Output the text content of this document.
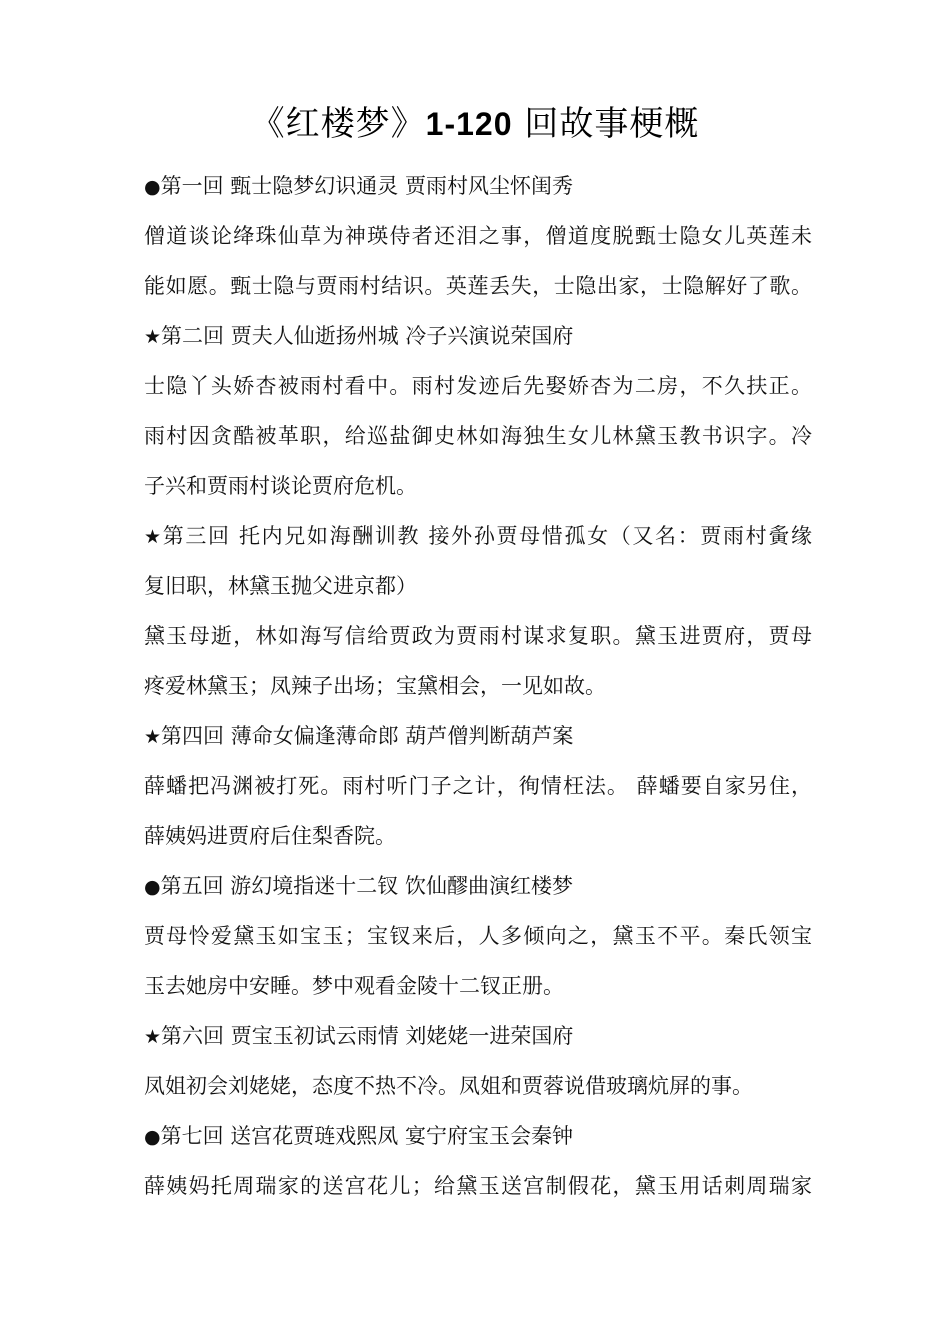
《红楼梦》1-120 回故事梗概
●第一回 甄士隐梦幻识通灵 贾雨村风尘怀闺秀
僧道谈论绛珠仙草为神瑛侍者还泪之事，僧道度脱甄士隐女儿英莲未
能如愿。甄士隐与贾雨村结识。英莲丢失，士隐出家，士隐解好了歌。
★第二回 贾夫人仙逝扬州城 冷子兴演说荣国府
士隐丫头娇杏被雨村看中。雨村发迹后先娶娇杏为二房，不久扶正。
雨村因贪酷被革职，给巡盐御史林如海独生女儿林黛玉教书识字。冷
子兴和贾雨村谈论贾府危机。
★第三回 托内兄如海酬训教 接外孙贾母惜孤女（又名：贾雨村夤缘
复旧职，林黛玉抛父进京都）
黛玉母逝，林如海写信给贾政为贾雨村谋求复职。黛玉进贾府，贾母
疼爱林黛玉；凤辣子出场；宝黛相会，一见如故。
★第四回 薄命女偏逢薄命郎 葫芦僧判断葫芦案
薛蟠把冯渊被打死。雨村听门子之计，徇情枉法。 薛蟠要自家另住，
薛姨妈进贾府后住梨香院。
●第五回 游幻境指迷十二钗 饮仙醪曲演红楼梦
贾母怜爱黛玉如宝玉；宝钗来后，人多倾向之，黛玉不平。秦氏领宝
玉去她房中安睡。梦中观看金陵十二钗正册。
★第六回 贾宝玉初试云雨情 刘姥姥一进荣国府
凤姐初会刘姥姥，态度不热不冷。凤姐和贾蓉说借玻璃炕屏的事。
●第七回 送宫花贾琏戏熙凤 宴宁府宝玉会秦钟
薛姨妈托周瑞家的送宫花儿；给黛玉送宫制假花，黛玉用话刺周瑞家
